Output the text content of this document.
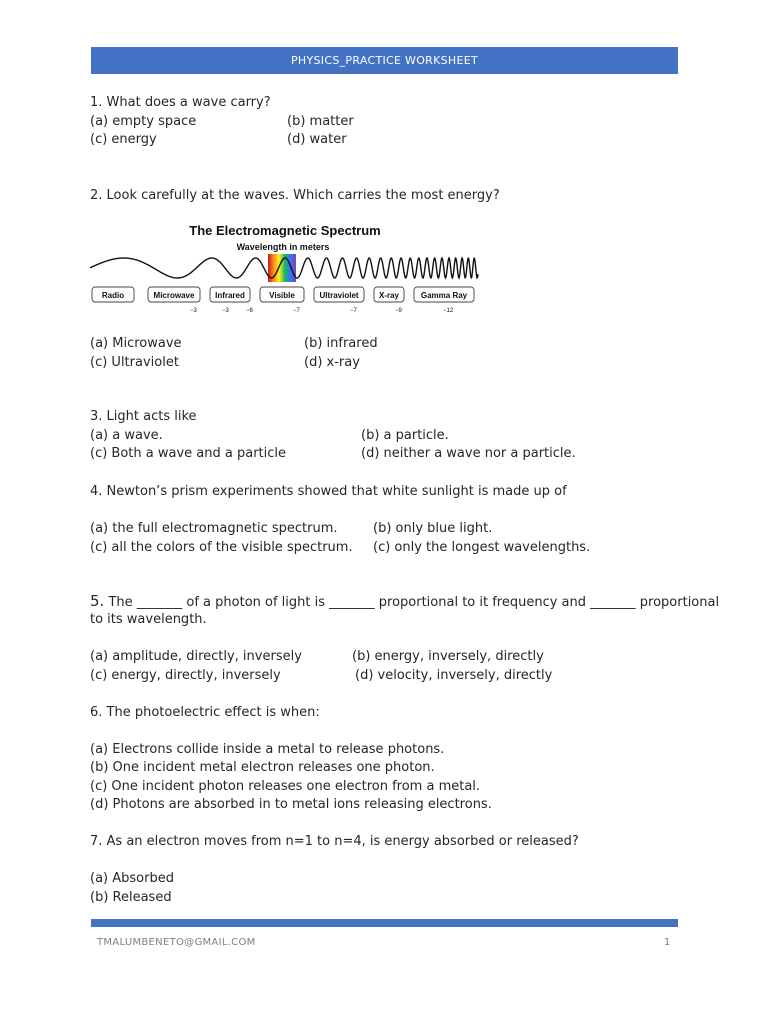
PHYSICS_PRACTICE WORKSHEET
1. What does a wave carry?
(a) empty space	(b) matter
(c) energy	(d) water
2. Look carefully at the waves. Which carries the most energy?
The Electromagnetic Spectrum
Wavelength in meters
Radio	Microwave	Infrared	Visible	Ultraviolet	X-ray	Gamma Ray
−3	−3	−6	−7	−7	−9	−12
(a) Microwave	(b) infrared
(c) Ultraviolet	(d) x-ray
3. Light acts like
(a) a wave.	(b) a particle.
(c) Both a wave and a particle	(d) neither a wave nor a particle.
4. Newton’s prism experiments showed that white sunlight is made up of
(a) the full electromagnetic spectrum.	(b) only blue light.
(c) all the colors of the visible spectrum. (c) only the longest wavelengths.
5. The _______ of a photon of light is _______ proportional to it frequency and _______ proportional
to its wavelength.
(a) amplitude, directly, inversely	(b) energy, inversely, directly
(c) energy, directly, inversely	(d) velocity, inversely, directly
6. The photoelectric effect is when:
(a) Electrons collide inside a metal to release photons.
(b) One incident metal electron releases one photon.
(c) One incident photon releases one electron from a metal.
(d) Photons are absorbed in to metal ions releasing electrons.
7. As an electron moves from n=1 to n=4, is energy absorbed or released?
(a) Absorbed
(b) Released
TMALUMBENETO@GMAIL.COM	1
